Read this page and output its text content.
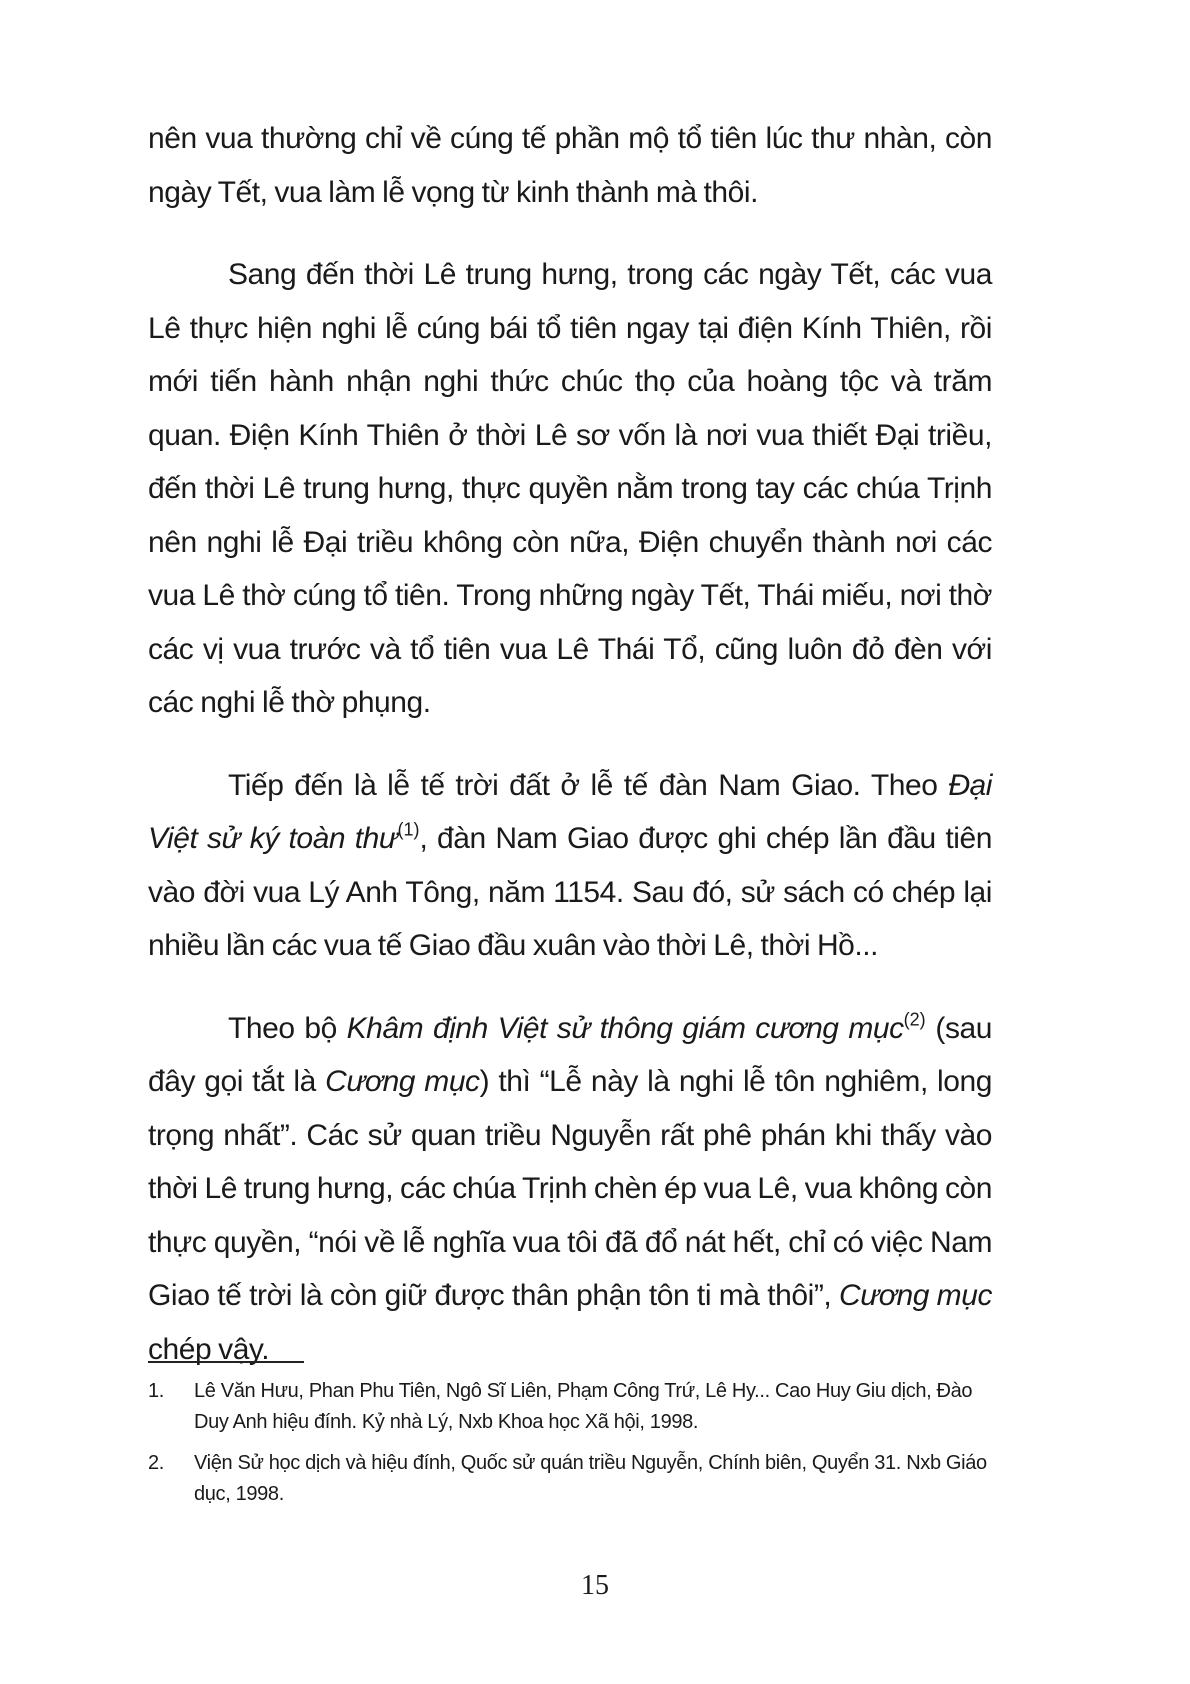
nên vua thường chỉ về cúng tế phần mộ tổ tiên lúc thư nhàn, còn ngày Tết, vua làm lễ vọng từ kinh thành mà thôi.

Sang đến thời Lê trung hưng, trong các ngày Tết, các vua Lê thực hiện nghi lễ cúng bái tổ tiên ngay tại điện Kính Thiên, rồi mới tiến hành nhận nghi thức chúc thọ của hoàng tộc và trăm quan. Điện Kính Thiên ở thời Lê sơ vốn là nơi vua thiết Đại triều, đến thời Lê trung hưng, thực quyền nằm trong tay các chúa Trịnh nên nghi lễ Đại triều không còn nữa, Điện chuyển thành nơi các vua Lê thờ cúng tổ tiên. Trong những ngày Tết, Thái miếu, nơi thờ các vị vua trước và tổ tiên vua Lê Thái Tổ, cũng luôn đỏ đèn với các nghi lễ thờ phụng.

Tiếp đến là lễ tế trời đất ở lễ tế đàn Nam Giao. Theo Đại Việt sử ký toàn thư$^{(1)}$, đàn Nam Giao được ghi chép lần đầu tiên vào đời vua Lý Anh Tông, năm 1154. Sau đó, sử sách có chép lại nhiều lần các vua tế Giao đầu xuân vào thời Lê, thời Hồ...

Theo bộ Khâm định Việt sử thông giám cương mục$^{(2)}$ (sau đây gọi tắt là Cương mục) thì “Lễ này là nghi lễ tôn nghiêm, long trọng nhất”. Các sử quan triều Nguyễn rất phê phán khi thấy vào thời Lê trung hưng, các chúa Trịnh chèn ép vua Lê, vua không còn thực quyền, “nói về lễ nghĩa vua tôi đã đổ nát hết, chỉ có việc Nam Giao tế trời là còn giữ được thân phận tôn ti mà thôi”, Cương mục chép vậy.

1.	Lê Văn Hưu, Phan Phu Tiên, Ngô Sĩ Liên, Phạm Công Trứ, Lê Hy... Cao Huy Giu dịch, Đào Duy Anh hiệu đính. Kỷ nhà Lý, Nxb Khoa học Xã hội, 1998.
2.	Viện Sử học dịch và hiệu đính, Quốc sử quán triều Nguyễn, Chính biên, Quyển 31. Nxb Giáo dục, 1998.
15
